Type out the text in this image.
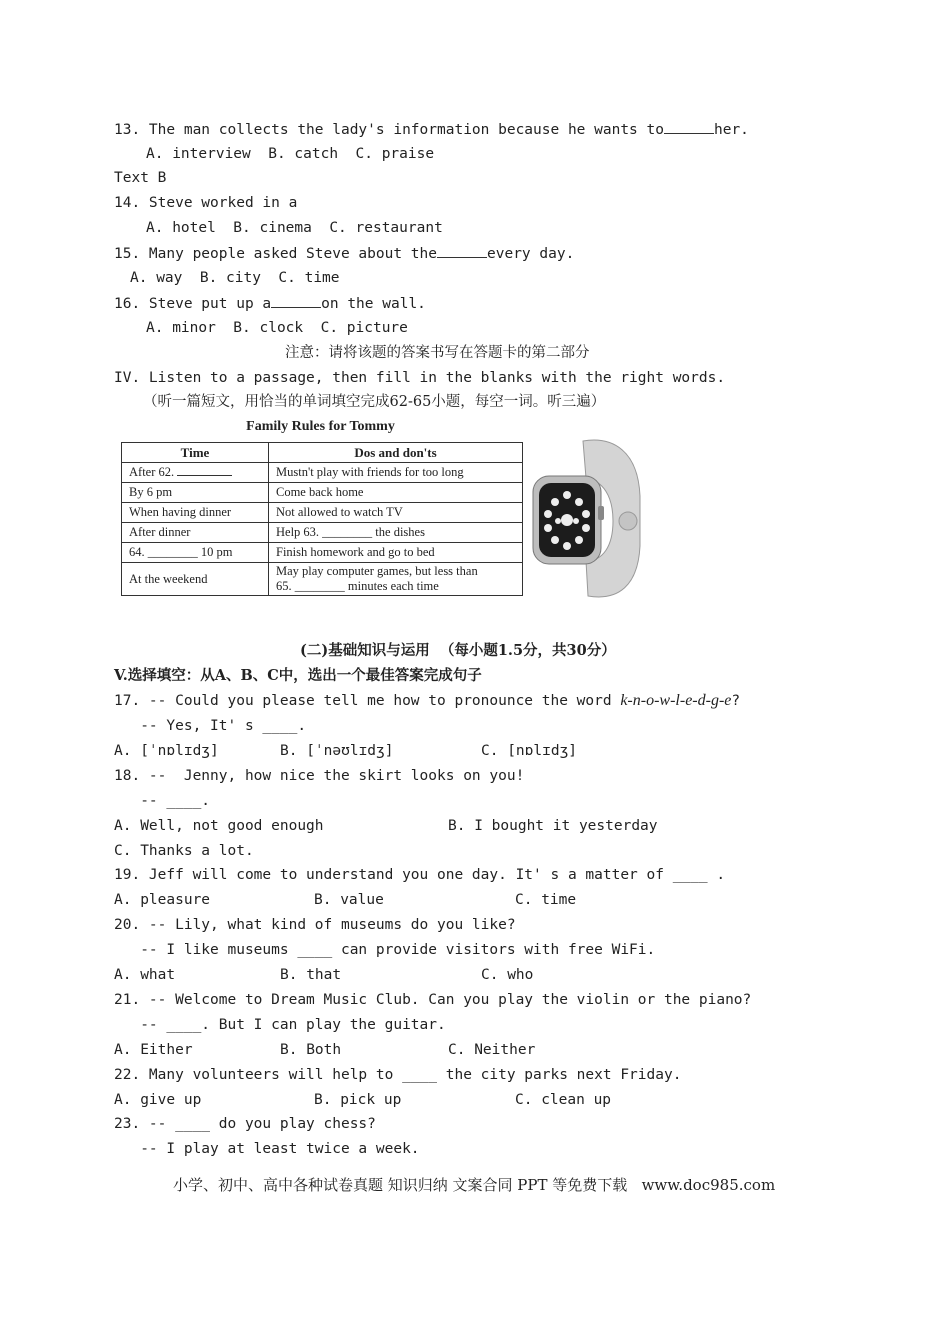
13. The man collects the lady's information because he wants to	her.
A. interview  B. catch  C. praise
Text B
14. Steve worked in a
A. hotel  B. cinema  C. restaurant
15. Many people asked Steve about the	every day.
A. way  B. city  C. time
16. Steve put up a	on the wall.
A. minor  B. clock  C. picture
注意：请将该题的答案书写在答题卡的第二部分
IV. Listen to a passage, then fill in the blanks with the right words.
（听一篇短文，用恰当的单词填空完成62-65小题，每空一词。听三遍）
Family Rules for Tommy
Time	Dos and don'ts
After 62.	Mustn't play with friends for too long
By 6 pm	Come back home
When having dinner	Not allowed to watch TV
After dinner	Help 63. ________ the dishes
64. ________ 10 pm	Finish homework and go to bed
At the weekend	May play computer games, but less than
65. ________ minutes each time
(二)基础知识与运用  （每小题1.5分，共30分）
V.选择填空：从A、B、C中，选出一个最佳答案完成句子
17. -- Could you please tell me how to pronounce the word k-n-o-w-l-e-d-g-e?
-- Yes, It' s ____.
A. [ˈnɒlɪdʒ]	B. [ˈnəʊlɪdʒ]	C. [nɒlɪdʒ]
18. --  Jenny, how nice the skirt looks on you!
-- ____.
A. Well, not good enough	B. I bought it yesterday
C. Thanks a lot.
19. Jeff will come to understand you one day. It' s a matter of ____ .
A. pleasure	B. value	C. time
20. -- Lily, what kind of museums do you like?
-- I like museums ____ can provide visitors with free WiFi.
A. what	B. that	C. who
21. -- Welcome to Dream Music Club. Can you play the violin or the piano?
-- ____. But I can play the guitar.
A. Either	B. Both	C. Neither
22. Many volunteers will help to ____ the city parks next Friday.
A. give up	B. pick up	C. clean up
23. -- ____ do you play chess?
-- I play at least twice a week.
小学、初中、高中各种试卷真题 知识归纳 文案合同 PPT 等免费下载   www.doc985.com
